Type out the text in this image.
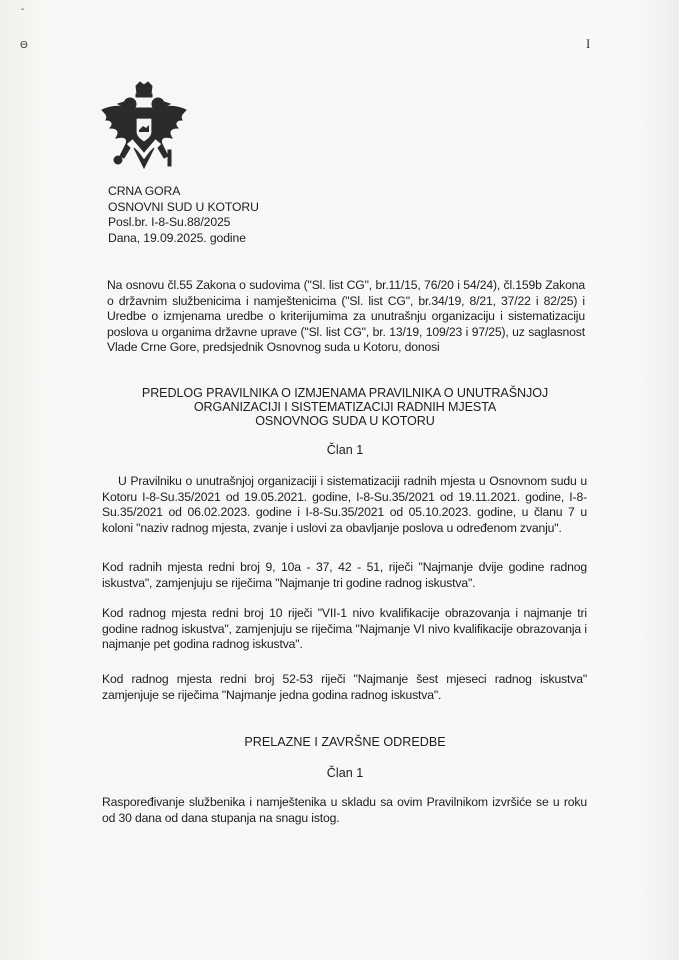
-
Ɵ	I
CRNA GORA
OSNOVNI SUD U KOTORU
Posl.br. I-8-Su.88/2025
Dana, 19.09.2025. godine
Na osnovu čl.55 Zakona o sudovima ("Sl. list CG", br.11/15, 76/20 i 54/24), čl.159b Zakona o državnim službenicima i namještenicima ("Sl. list CG", br.34/19, 8/21, 37/22 i 82/25) i Uredbe o izmjenama uredbe o kriterijumima za unutrašnju organizaciju i sistematizaciju poslova u organima državne uprave ("Sl. list CG", br. 13/19, 109/23 i 97/25), uz saglasnost Vlade Crne Gore, predsjednik Osnovnog suda u Kotoru, donosi
PREDLOG PRAVILNIKA O IZMJENAMA PRAVILNIKA O UNUTRAŠNJOJ
ORGANIZACIJI I SISTEMATIZACIJI RADNIH MJESTA
OSNOVNOG SUDA U KOTORU
Član 1
U Pravilniku o unutrašnjoj organizaciji i sistematizaciji radnih mjesta u Osnovnom sudu u Kotoru I-8-Su.35/2021 od 19.05.2021. godine, I-8-Su.35/2021 od 19.11.2021. godine, I-8-Su.35/2021 od 06.02.2023. godine i I-8-Su.35/2021 od 05.10.2023. godine, u članu 7 u koloni "naziv radnog mjesta, zvanje i uslovi za obavljanje poslova u određenom zvanju".
Kod radnih mjesta redni broj 9, 10a - 37, 42 - 51, riječi "Najmanje dvije godine radnog iskustva", zamjenjuju se riječima "Najmanje tri godine radnog iskustva".
Kod radnog mjesta redni broj 10 riječi "VII-1 nivo kvalifikacije obrazovanja i najmanje tri godine radnog iskustva", zamjenjuju se riječima "Najmanje VI nivo kvalifikacije obrazovanja i najmanje pet godina radnog iskustva".
Kod radnog mjesta redni broj 52-53 riječi "Najmanje šest mjeseci radnog iskustva" zamjenjuje se riječima "Najmanje jedna godina radnog iskustva".
PRELAZNE I ZAVRŠNE ODREDBE
Član 1
Raspoređivanje službenika i namještenika u skladu sa ovim Pravilnikom izvršiće se u roku od 30 dana od dana stupanja na snagu istog.
